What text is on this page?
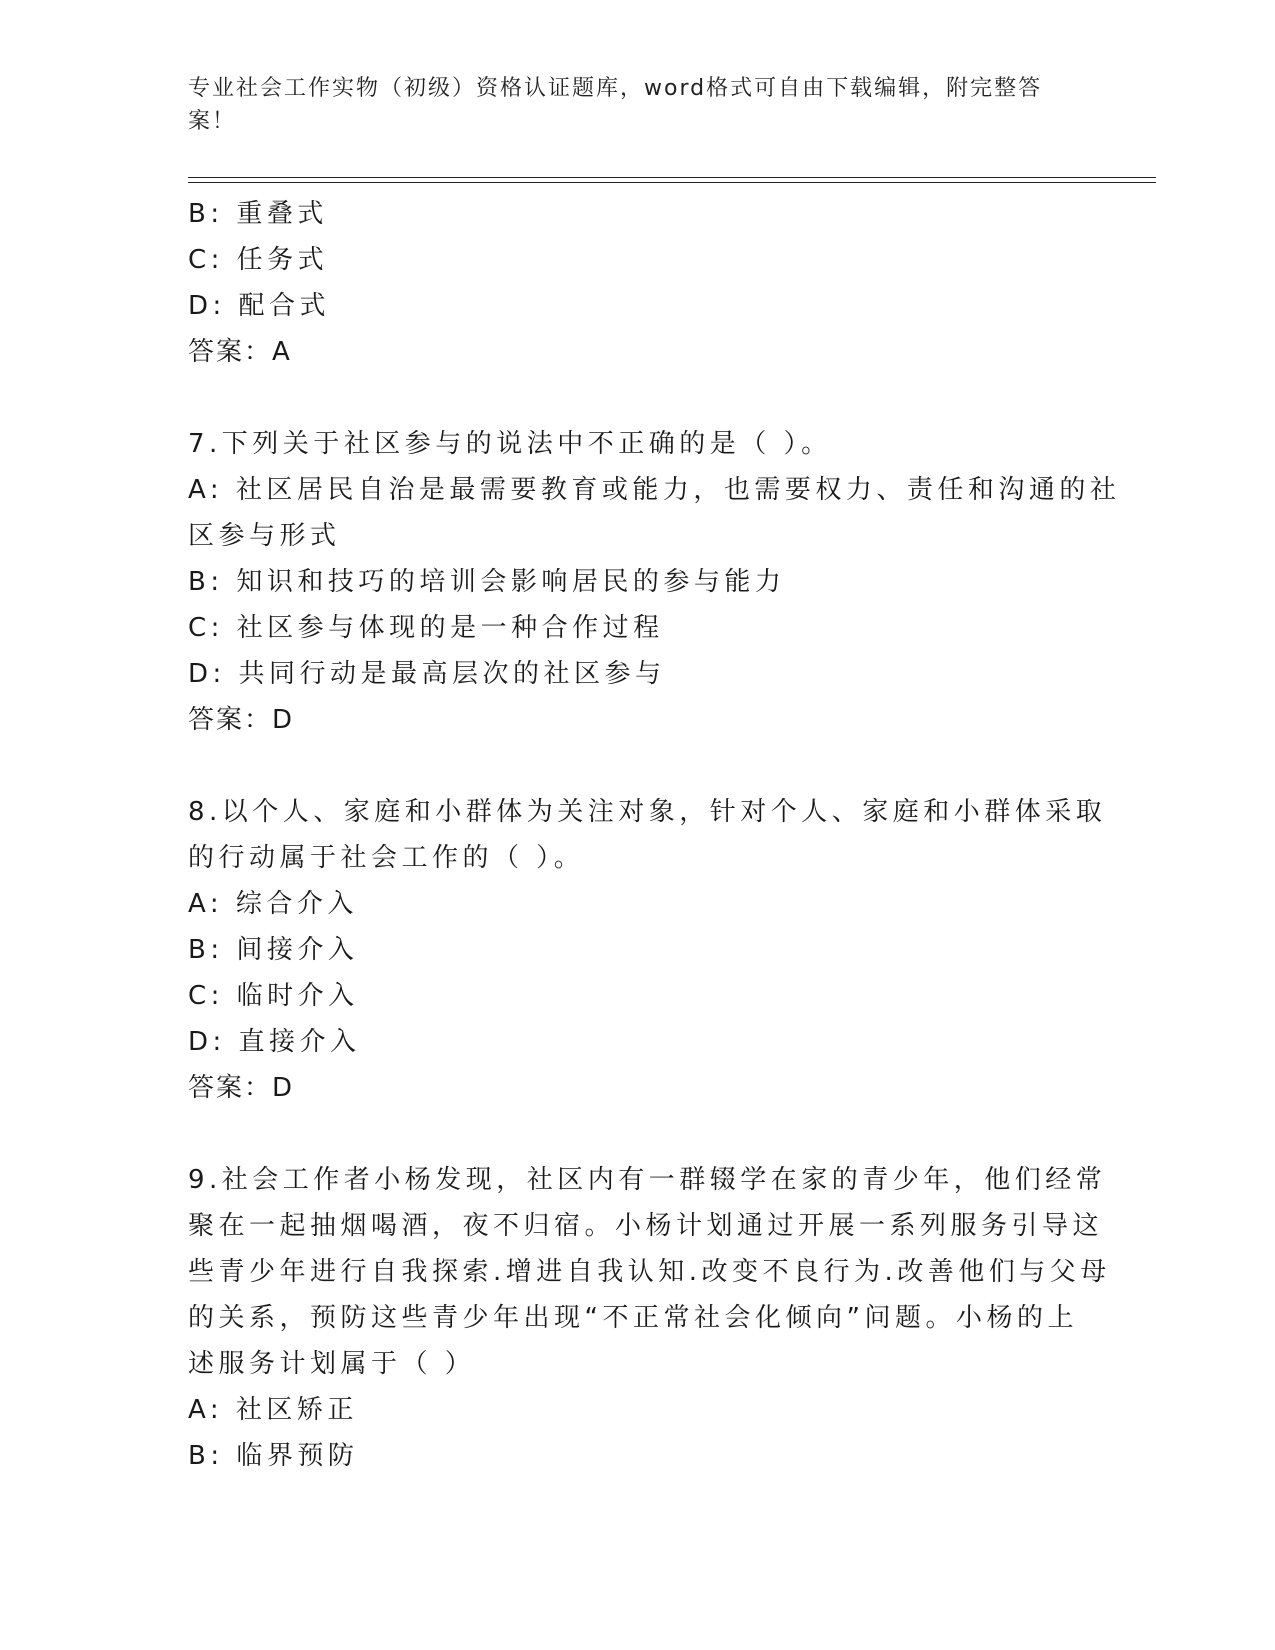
专业社会工作实物（初级）资格认证题库，word格式可自由下载编辑，附完整答案！
B: 重叠式
C: 任务式
D: 配合式
答案：A
7.下列关于社区参与的说法中不正确的是（ ）。
A: 社区居民自治是最需要教育或能力，也需要权力、责任和沟通的社
区参与形式
B: 知识和技巧的培训会影响居民的参与能力
C: 社区参与体现的是一种合作过程
D: 共同行动是最高层次的社区参与
答案：D
8.以个人、家庭和小群体为关注对象，针对个人、家庭和小群体采取
的行动属于社会工作的（ ）。
A: 综合介入
B: 间接介入
C: 临时介入
D: 直接介入
答案：D
9.社会工作者小杨发现，社区内有一群辍学在家的青少年，他们经常
聚在一起抽烟喝酒，夜不归宿。小杨计划通过开展一系列服务引导这
些青少年进行自我探索.增进自我认知.改变不良行为.改善他们与父母
的关系，预防这些青少年出现“不正常社会化倾向”问题。小杨的上
述服务计划属于（ ）
A: 社区矫正
B: 临界预防
